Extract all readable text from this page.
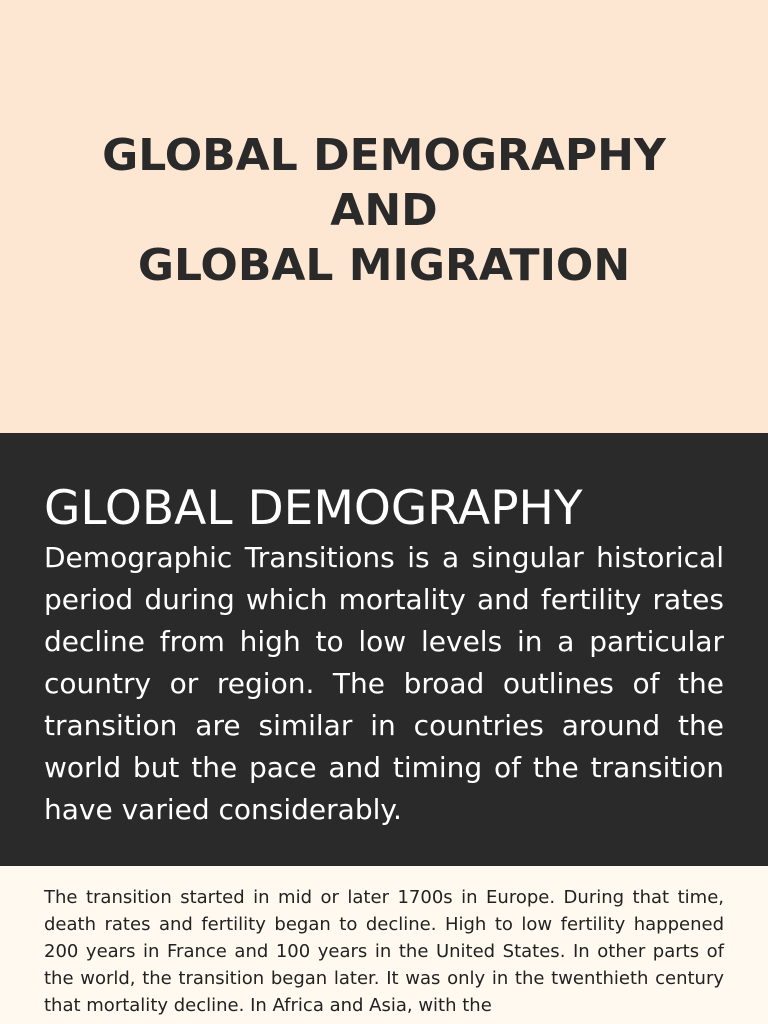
GLOBAL DEMOGRAPHY
AND
GLOBAL MIGRATION
GLOBAL DEMOGRAPHY

Demographic Transitions is a singular historical period during which mortality and fertility rates decline from high to low levels in a particular country or region. The broad outlines of the transition are similar in countries around the world but the pace and timing of the transition have varied considerably.

The transition started in mid or later 1700s in Europe. During that time, death rates and fertility began to decline. High to low fertility happened 200 years in France and 100 years in the United States. In other parts of the world, the transition began later. It was only in the twenthieth century that mortality decline. In Africa and Asia, with the
